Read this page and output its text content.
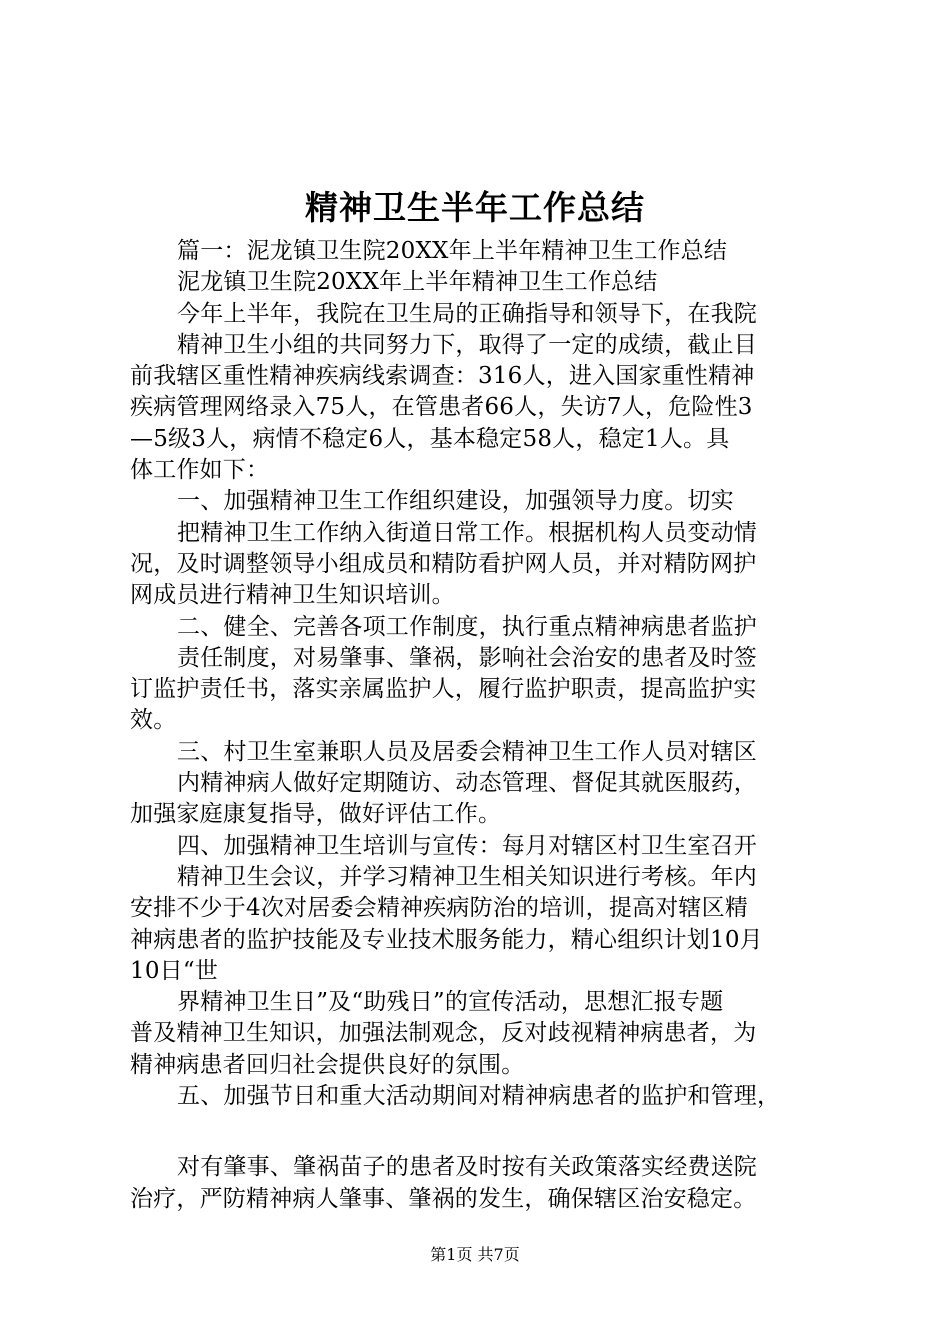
精神卫生半年工作总结
篇一：泥龙镇卫生院20XX年上半年精神卫生工作总结
泥龙镇卫生院20XX年上半年精神卫生工作总结
今年上半年，我院在卫生局的正确指导和领导下，在我院
精神卫生小组的共同努力下，取得了一定的成绩，截止目
前我辖区重性精神疾病线索调查：316人，进入国家重性精神
疾病管理网络录入75人，在管患者66人，失访7人，危险性3
—5级3人，病情不稳定6人，基本稳定58人，稳定1人。具
体工作如下：
一、加强精神卫生工作组织建设，加强领导力度。切实
把精神卫生工作纳入街道日常工作。根据机构人员变动情
况，及时调整领导小组成员和精防看护网人员，并对精防网护
网成员进行精神卫生知识培训。
二、健全、完善各项工作制度，执行重点精神病患者监护
责任制度，对易肇事、肇祸，影响社会治安的患者及时签
订监护责任书，落实亲属监护人，履行监护职责，提高监护实
效。
三、村卫生室兼职人员及居委会精神卫生工作人员对辖区
内精神病人做好定期随访、动态管理、督促其就医服药，
加强家庭康复指导，做好评估工作。
四、加强精神卫生培训与宣传：每月对辖区村卫生室召开
精神卫生会议，并学习精神卫生相关知识进行考核。年内
安排不少于4次对居委会精神疾病防治的培训，提高对辖区精
神病患者的监护技能及专业技术服务能力，精心组织计划10月
10日“世
界精神卫生日”及“助残日”的宣传活动，思想汇报专题
普及精神卫生知识，加强法制观念，反对歧视精神病患者，为
精神病患者回归社会提供良好的氛围。
五、加强节日和重大活动期间对精神病患者的监护和管理，
对有肇事、肇祸苗子的患者及时按有关政策落实经费送院
治疗，严防精神病人肇事、肇祸的发生，确保辖区治安稳定。
第1页 共7页
